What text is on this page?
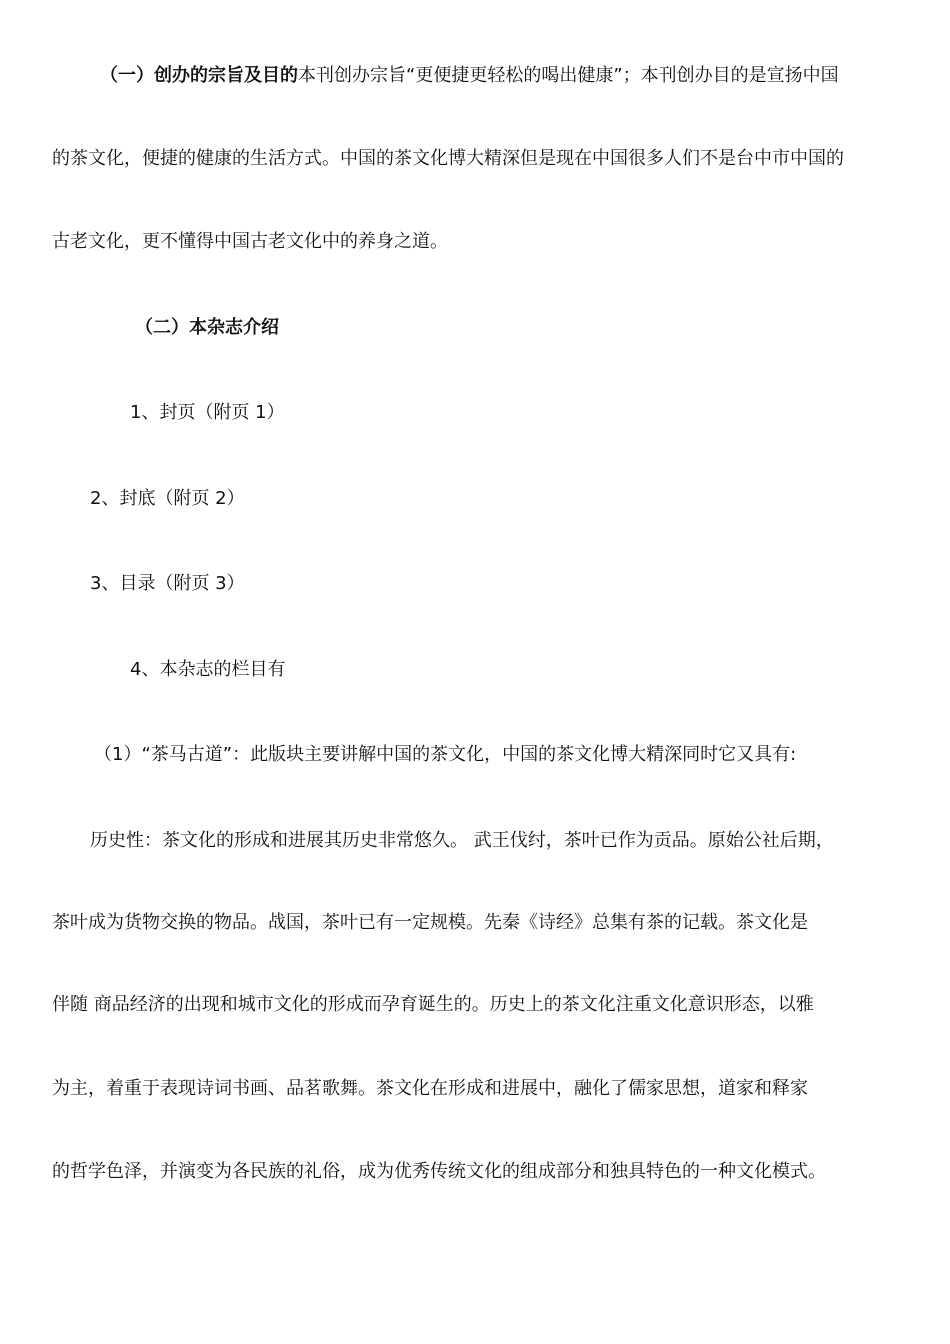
（一）创办的宗旨及目的本刊创办宗旨“更便捷更轻松的喝出健康”；本刊创办目的是宣扬中国
的茶文化，便捷的健康的生活方式。中国的茶文化博大精深但是现在中国很多人们不是台中市中国的
古老文化，更不懂得中国古老文化中的养身之道。
（二）本杂志介绍
1、封页（附页 1）
2、封底（附页 2）
3、目录（附页 3）
4、本杂志的栏目有
（1）“茶马古道”：此版块主要讲解中国的茶文化，中国的茶文化博大精深同时它又具有:
历史性：茶文化的形成和进展其历史非常悠久。 武王伐纣，茶叶已作为贡品。原始公社后期，
茶叶成为货物交换的物品。战国，茶叶已有一定规模。先秦《诗经》总集有茶的记载。茶文化是
伴随 商品经济的出现和城市文化的形成而孕育诞生的。历史上的茶文化注重文化意识形态，以雅
为主，着重于表现诗词书画、品茗歌舞。茶文化在形成和进展中，融化了儒家思想，道家和释家
的哲学色泽，并演变为各民族的礼俗，成为优秀传统文化的组成部分和独具特色的一种文化模式。
